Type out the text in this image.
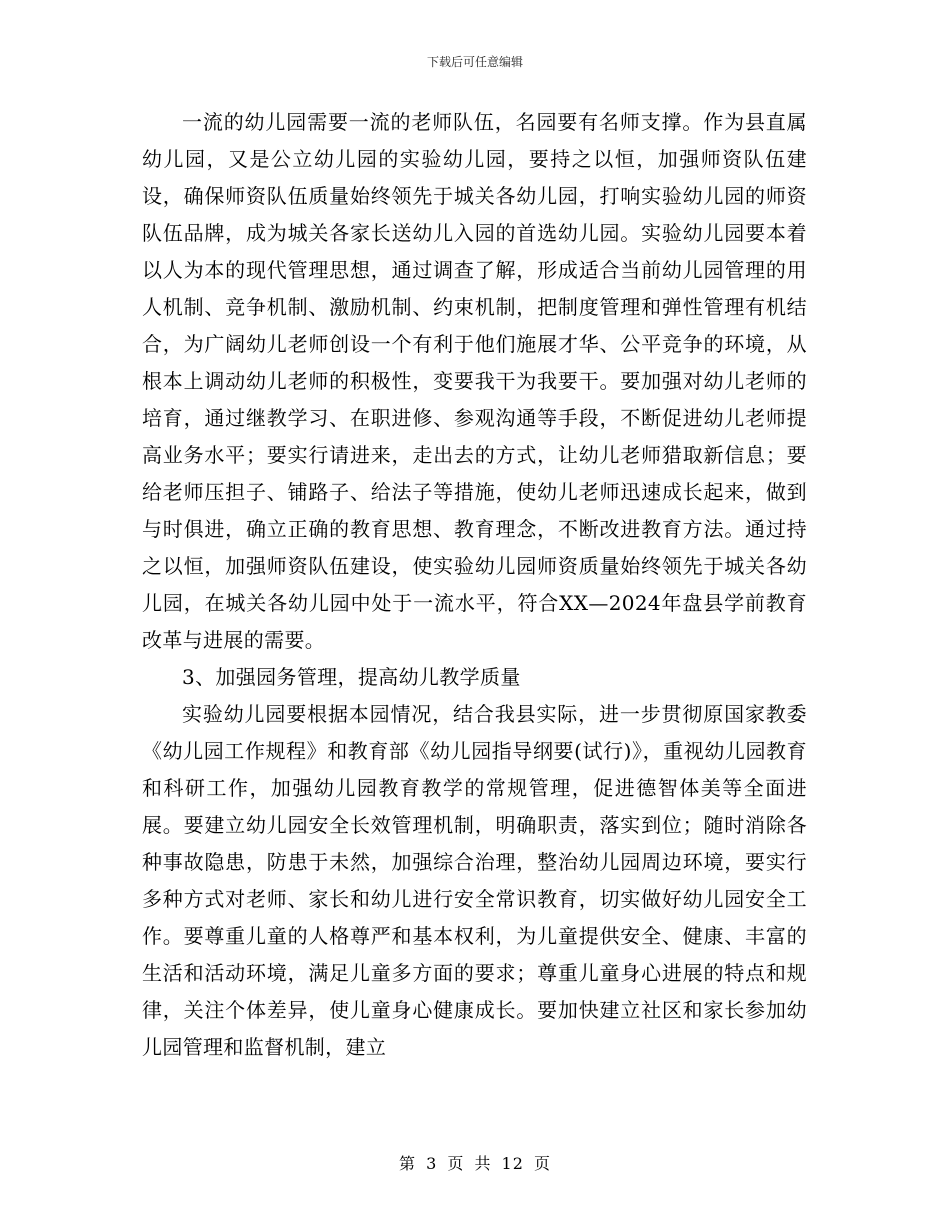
下载后可任意编辑

一流的幼儿园需要一流的老师队伍，名园要有名师支撑。作为县直属幼儿园，又是公立幼儿园的实验幼儿园，要持之以恒，加强师资队伍建设，确保师资队伍质量始终领先于城关各幼儿园，打响实验幼儿园的师资队伍品牌，成为城关各家长送幼儿入园的首选幼儿园。实验幼儿园要本着以人为本的现代管理思想，通过调查了解，形成适合当前幼儿园管理的用人机制、竞争机制、激励机制、约束机制，把制度管理和弹性管理有机结合，为广阔幼儿老师创设一个有利于他们施展才华、公平竞争的环境，从根本上调动幼儿老师的积极性，变要我干为我要干。要加强对幼儿老师的培育，通过继教学习、在职进修、参观沟通等手段，不断促进幼儿老师提高业务水平；要实行请进来，走出去的方式，让幼儿老师猎取新信息；要给老师压担子、铺路子、给法子等措施，使幼儿老师迅速成长起来，做到与时俱进，确立正确的教育思想、教育理念，不断改进教育方法。通过持之以恒，加强师资队伍建设，使实验幼儿园师资质量始终领先于城关各幼儿园，在城关各幼儿园中处于一流水平，符合XX—2024年盘县学前教育改革与进展的需要。

3、加强园务管理，提高幼儿教学质量

实验幼儿园要根据本园情况，结合我县实际，进一步贯彻原国家教委《幼儿园工作规程》和教育部《幼儿园指导纲要(试行)》，重视幼儿园教育和科研工作，加强幼儿园教育教学的常规管理，促进德智体美等全面进展。要建立幼儿园安全长效管理机制，明确职责，落实到位；随时消除各种事故隐患，防患于未然，加强综合治理，整治幼儿园周边环境，要实行多种方式对老师、家长和幼儿进行安全常识教育，切实做好幼儿园安全工作。要尊重儿童的人格尊严和基本权利，为儿童提供安全、健康、丰富的生活和活动环境，满足儿童多方面的要求；尊重儿童身心进展的特点和规律，关注个体差异，使儿童身心健康成长。要加快建立社区和家长参加幼儿园管理和监督机制，建立

第 3 页 共 12 页
